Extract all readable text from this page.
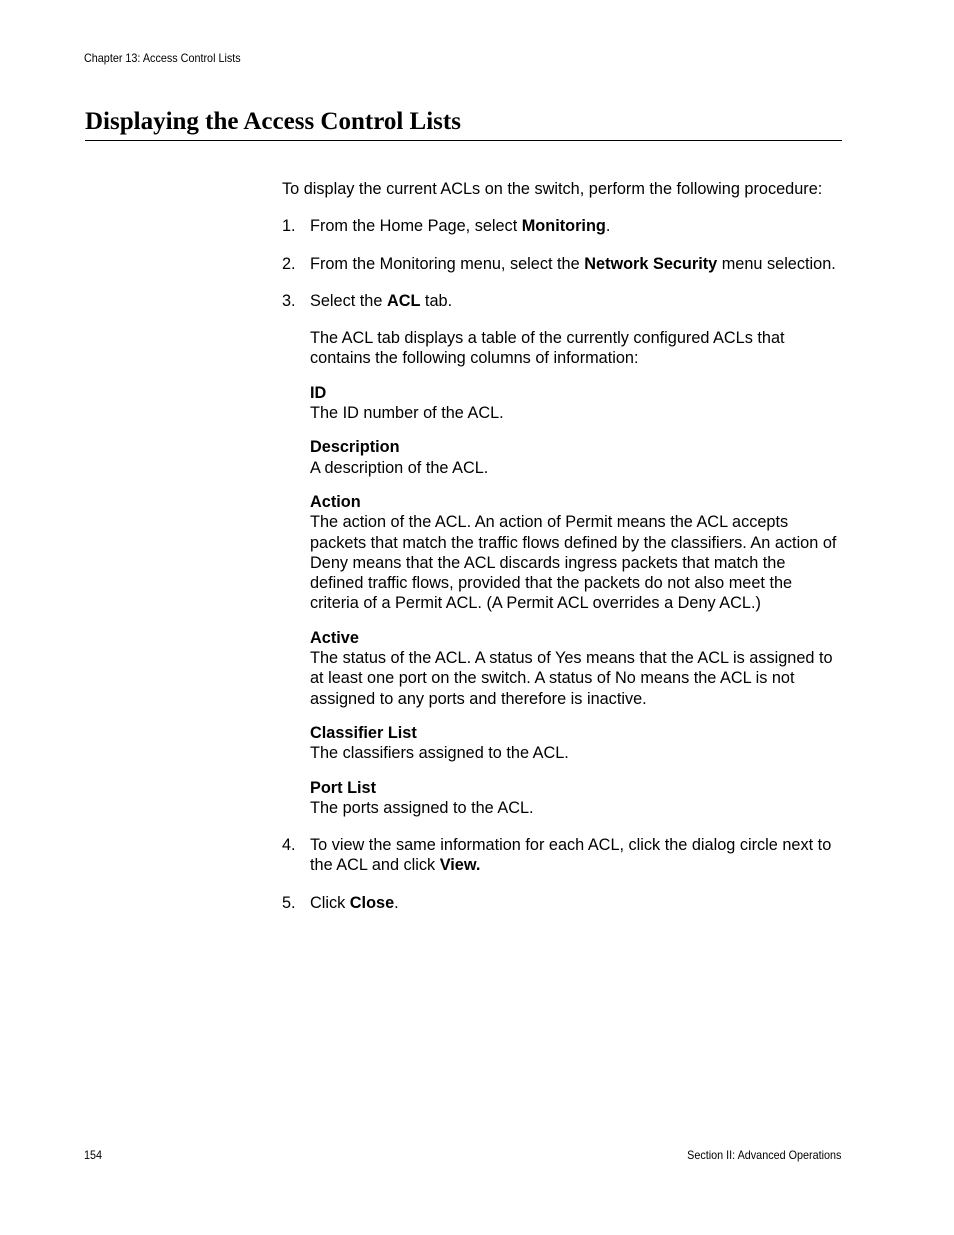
Chapter 13: Access Control Lists
Displaying the Access Control Lists

To display the current ACLs on the switch, perform the following procedure:

1. From the Home Page, select Monitoring.
2. From the Monitoring menu, select the Network Security menu selection.
3. Select the ACL tab.

The ACL tab displays a table of the currently configured ACLs that contains the following columns of information:

ID
The ID number of the ACL.
Description
A description of the ACL.
Action
The action of the ACL. An action of Permit means the ACL accepts packets that match the traffic flows defined by the classifiers. An action of Deny means that the ACL discards ingress packets that match the defined traffic flows, provided that the packets do not also meet the criteria of a Permit ACL. (A Permit ACL overrides a Deny ACL.)
Active
The status of the ACL. A status of Yes means that the ACL is assigned to at least one port on the switch. A status of No means the ACL is not assigned to any ports and therefore is inactive.
Classifier List
The classifiers assigned to the ACL.
Port List
The ports assigned to the ACL.
4. To view the same information for each ACL, click the dialog circle next to the ACL and click View.
5. Click Close.
154	Section II: Advanced Operations
